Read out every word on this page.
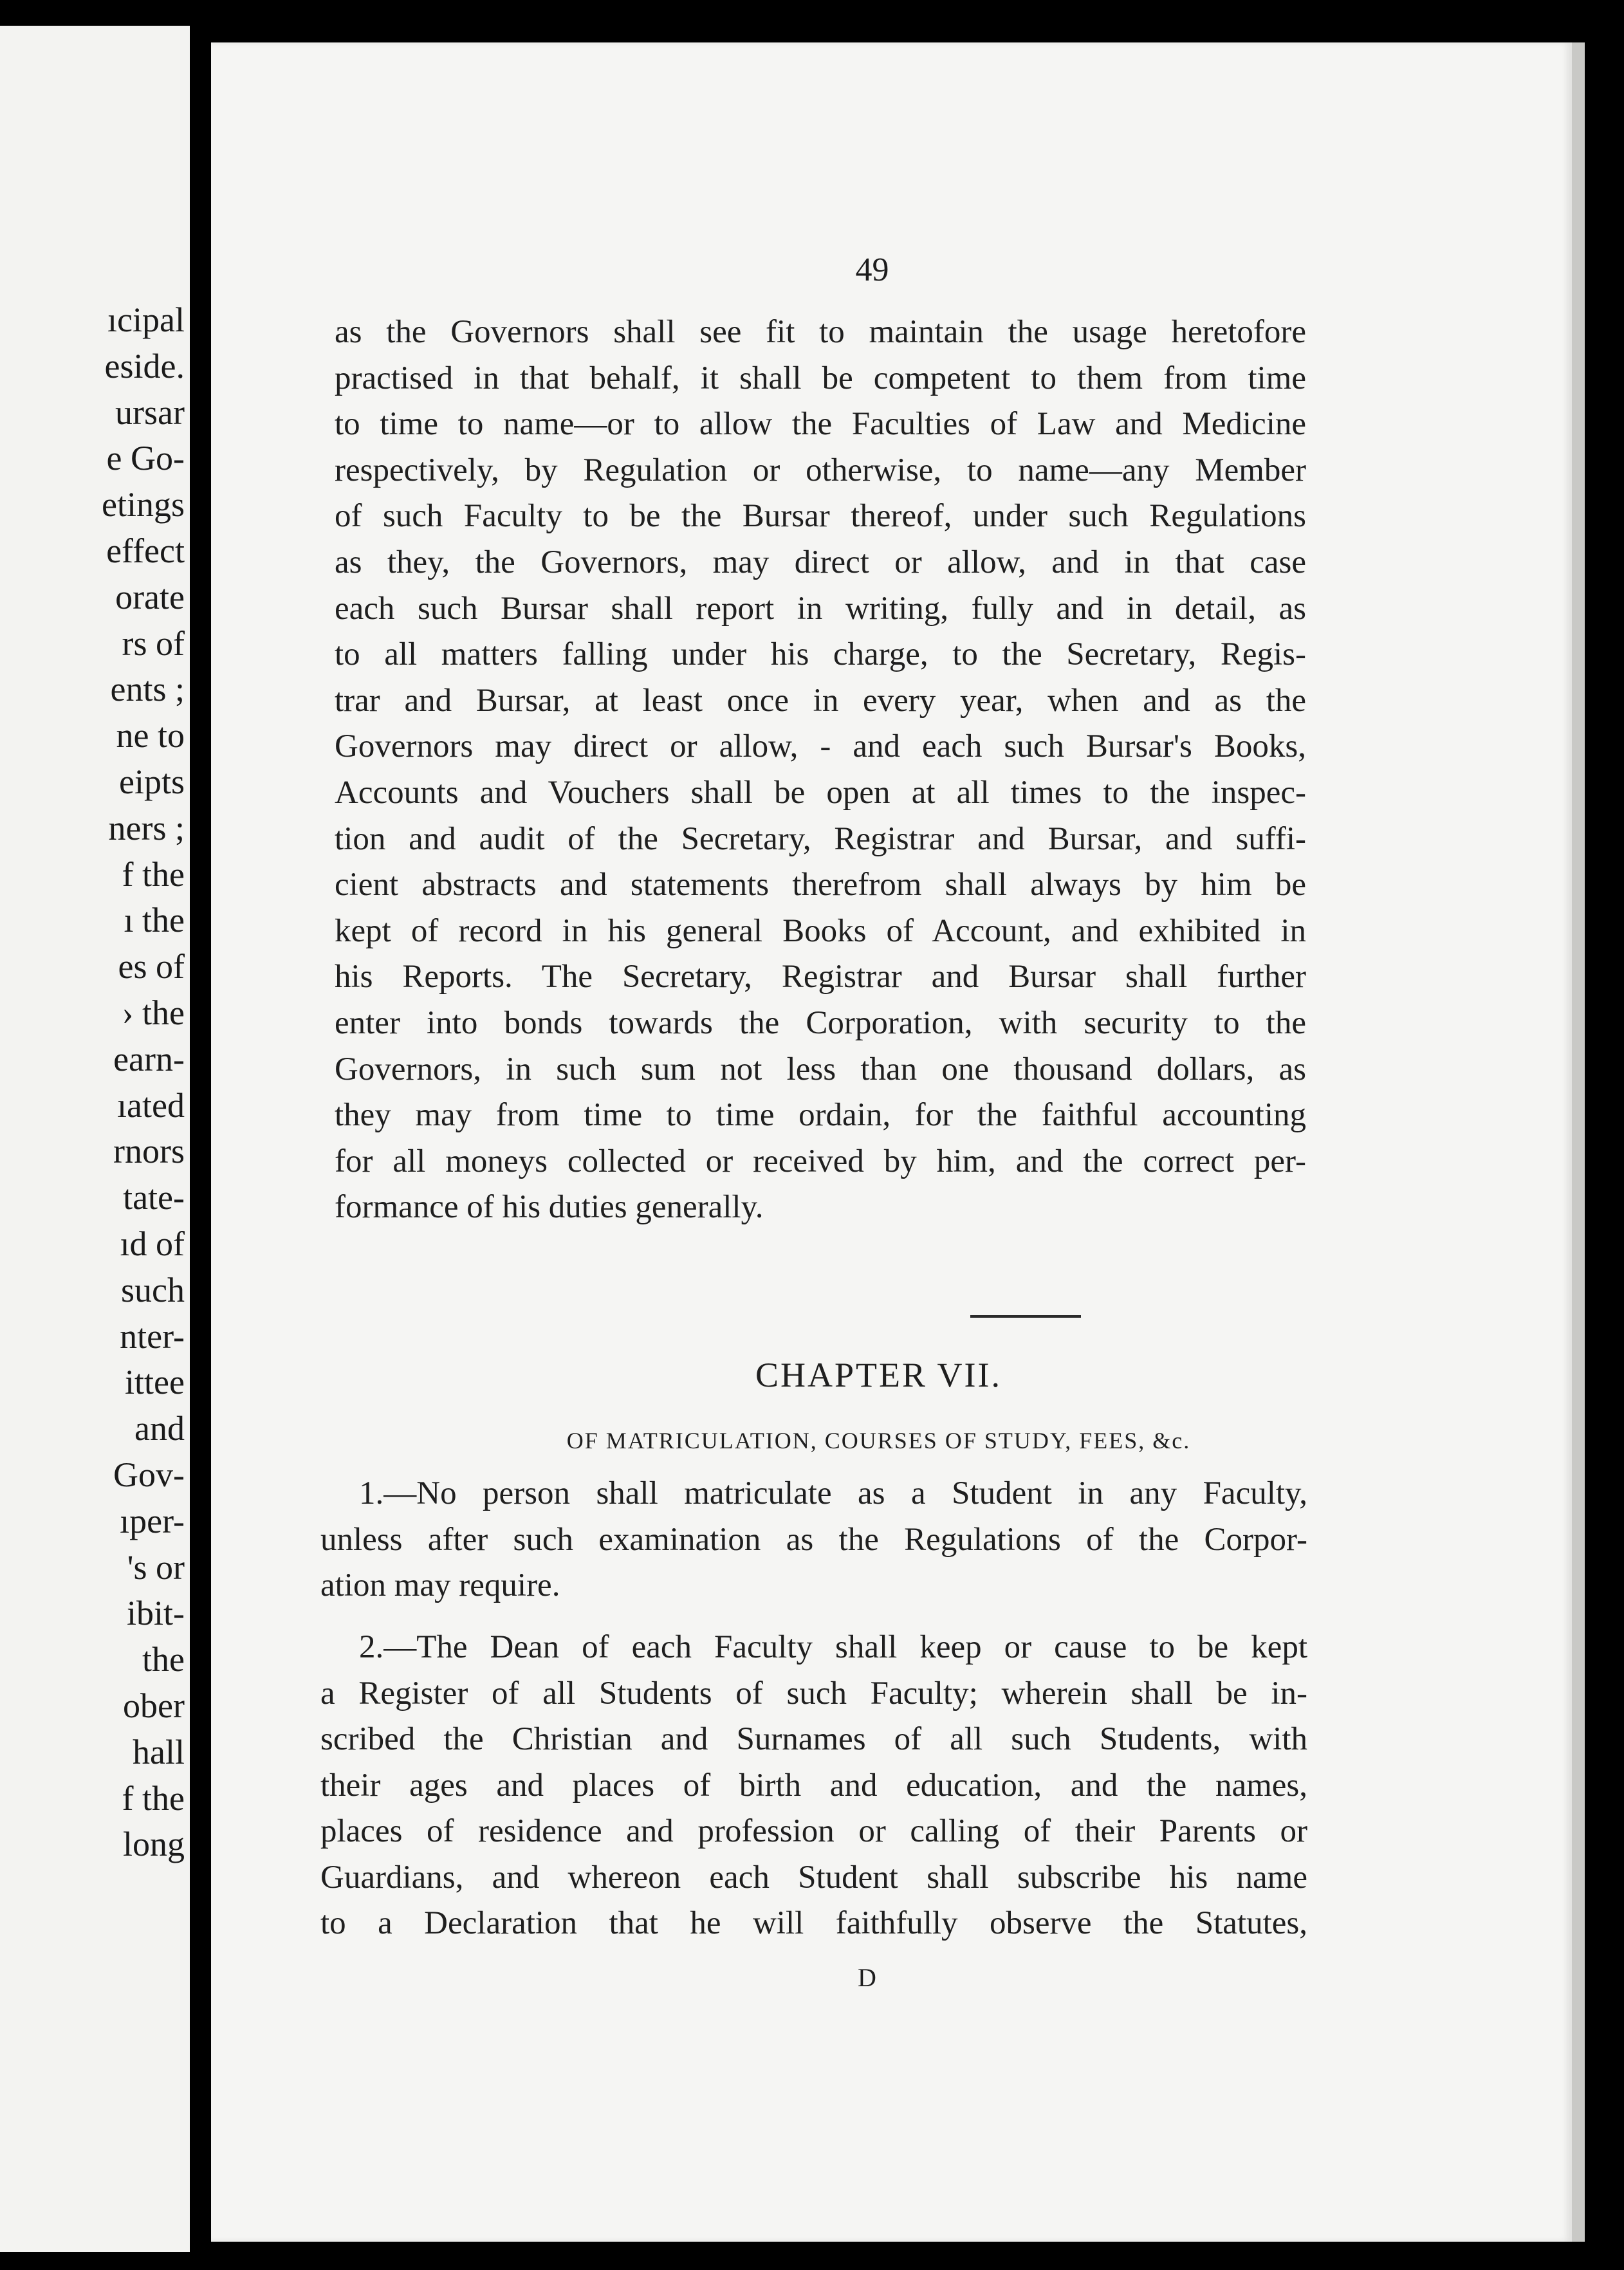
ıcipal
eside.
ursar
e Go-
etings
effect
orate
rs of
ents ;
ne to
eipts
ners ;
f the
ı the
es of
› the
earn-
ıated
rnors
tate-
ıd of
such
nter-
ittee
and
Gov-
ıper-
's or
ibit-
the
ober
hall
f the
long
49
CHAPTER VII.
OF MATRICULATION, COURSES OF STUDY, FEES, &c.
D
as the Governors shall see fit to maintain the usage heretofore
practised in that behalf, it shall be competent to them from time
to time to name—or to allow the Faculties of Law and Medicine
respectively, by Regulation or otherwise, to name—any Member
of such Faculty to be the Bursar thereof, under such Regulations
as they, the Governors, may direct or allow, and in that case
each such Bursar shall report in writing, fully and in detail, as
to all matters falling under his charge, to the Secretary, Regis-
trar and Bursar, at least once in every year, when and as the
Governors may direct or allow, - and each such Bursar's Books,
Accounts and Vouchers shall be open at all times to the inspec-
tion and audit of the Secretary, Registrar and Bursar, and suffi-
cient abstracts and statements therefrom shall always by him be
kept of record in his general Books of Account, and exhibited in
his Reports. The Secretary, Registrar and Bursar shall further
enter into bonds towards the Corporation, with security to the
Governors, in such sum not less than one thousand dollars, as
they may from time to time ordain, for the faithful accounting
for all moneys collected or received by him, and the correct per-
formance of his duties generally.
1.—No person shall matriculate as a Student in any Faculty,
unless after such examination as the Regulations of the Corpor-
ation may require.
2.—The Dean of each Faculty shall keep or cause to be kept
a Register of all Students of such Faculty; wherein shall be in-
scribed the Christian and Surnames of all such Students, with
their ages and places of birth and education, and the names,
places of residence and profession or calling of their Parents or
Guardians, and whereon each Student shall subscribe his name
to a Declaration that he will faithfully observe the Statutes,
